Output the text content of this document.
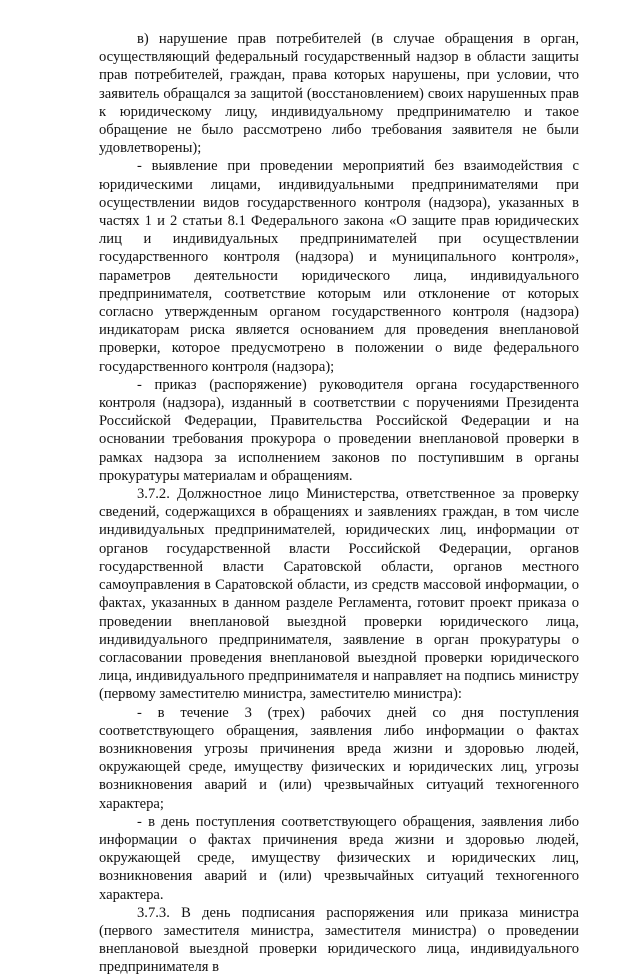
в) нарушение прав потребителей (в случае обращения в орган, осуществляющий федеральный государственный надзор в области защиты прав потребителей, граждан, права которых нарушены, при условии, что заявитель обращался за защитой (восстановлением) своих нарушенных прав к юридическому лицу, индивидуальному предпринимателю и такое обращение не было рассмотрено либо требования заявителя не были удовлетворены);

- выявление при проведении мероприятий без взаимодействия с юридическими лицами, индивидуальными предпринимателями при осуществлении видов государственного контроля (надзора), указанных в частях 1 и 2 статьи 8.1 Федерального закона «О защите прав юридических лиц и индивидуальных предпринимателей при осуществлении государственного контроля (надзора) и муниципального контроля», параметров деятельности юридического лица, индивидуального предпринимателя, соответствие которым или отклонение от которых согласно утвержденным органом государственного контроля (надзора) индикаторам риска является основанием для проведения внеплановой проверки, которое предусмотрено в положении о виде федерального государственного контроля (надзора);

- приказ (распоряжение) руководителя органа государственного контроля (надзора), изданный в соответствии с поручениями Президента Российской Федерации, Правительства Российской Федерации и на основании требования прокурора о проведении внеплановой проверки в рамках надзора за исполнением законов по поступившим в органы прокуратуры материалам и обращениям.

3.7.2. Должностное лицо Министерства, ответственное за проверку сведений, содержащихся в обращениях и заявлениях граждан, в том числе индивидуальных предпринимателей, юридических лиц, информации от органов государственной власти Российской Федерации, органов государственной власти Саратовской области, органов местного самоуправления в Саратовской области, из средств массовой информации, о фактах, указанных в данном разделе Регламента, готовит проект приказа о проведении внеплановой выездной проверки юридического лица, индивидуального предпринимателя, заявление в орган прокуратуры о согласовании проведения внеплановой выездной проверки юридического лица, индивидуального предпринимателя и направляет на подпись министру (первому заместителю министра, заместителю министра):

- в течение 3 (трех) рабочих дней со дня поступления соответствующего обращения, заявления либо информации о фактах возникновения угрозы причинения вреда жизни и здоровью людей, окружающей среде, имуществу физических и юридических лиц, угрозы возникновения аварий и (или) чрезвычайных ситуаций техногенного характера;

- в день поступления соответствующего обращения, заявления либо информации о фактах причинения вреда жизни и здоровью людей, окружающей среде, имуществу физических и юридических лиц, возникновения аварий и (или) чрезвычайных ситуаций техногенного характера.

3.7.3. В день подписания распоряжения или приказа министра (первого заместителя министра, заместителя министра) о проведении внеплановой выездной проверки юридического лица, индивидуального предпринимателя в
